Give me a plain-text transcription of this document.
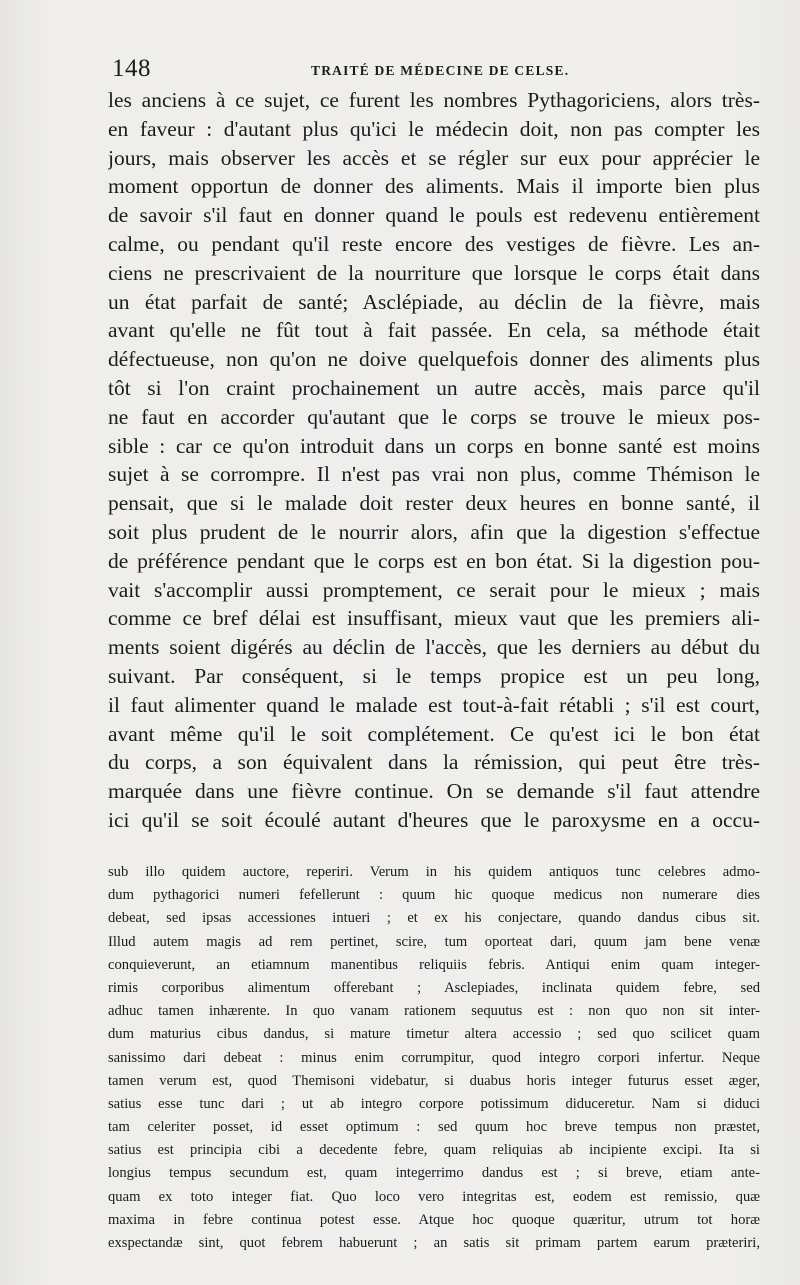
148	TRAITÉ DE MÉDECINE DE CELSE.
les anciens à ce sujet, ce furent les nombres Pythagoriciens, alors très-
en faveur : d'autant plus qu'ici le médecin doit, non pas compter les
jours, mais observer les accès et se régler sur eux pour apprécier le
moment opportun de donner des aliments. Mais il importe bien plus
de savoir s'il faut en donner quand le pouls est redevenu entièrement
calme, ou pendant qu'il reste encore des vestiges de fièvre. Les an-
ciens ne prescrivaient de la nourriture que lorsque le corps était dans
un état parfait de santé; Asclépiade, au déclin de la fièvre, mais
avant qu'elle ne fût tout à fait passée. En cela, sa méthode était
défectueuse, non qu'on ne doive quelquefois donner des aliments plus
tôt si l'on craint prochainement un autre accès, mais parce qu'il
ne faut en accorder qu'autant que le corps se trouve le mieux pos-
sible : car ce qu'on introduit dans un corps en bonne santé est moins
sujet à se corrompre. Il n'est pas vrai non plus, comme Thémison le
pensait, que si le malade doit rester deux heures en bonne santé, il
soit plus prudent de le nourrir alors, afin que la digestion s'effectue
de préférence pendant que le corps est en bon état. Si la digestion pou-
vait s'accomplir aussi promptement, ce serait pour le mieux ; mais
comme ce bref délai est insuffisant, mieux vaut que les premiers ali-
ments soient digérés au déclin de l'accès, que les derniers au début du
suivant. Par conséquent, si le temps propice est un peu long,
il faut alimenter quand le malade est tout-à-fait rétabli ; s'il est court,
avant même qu'il le soit complétement. Ce qu'est ici le bon état
du corps, a son équivalent dans la rémission, qui peut être très-
marquée dans une fièvre continue. On se demande s'il faut attendre
ici qu'il se soit écoulé autant d'heures que le paroxysme en a occu-
sub illo quidem auctore, reperiri. Verum in his quidem antiquos tunc celebres admo-
dum pythagorici numeri fefellerunt : quum hic quoque medicus non numerare dies
debeat, sed ipsas accessiones intueri ; et ex his conjectare, quando dandus cibus sit.
Illud autem magis ad rem pertinet, scire, tum oporteat dari, quum jam bene venæ
conquieverunt, an etiamnum manentibus reliquiis febris. Antiqui enim quam integer-
rimis corporibus alimentum offerebant ; Asclepiades, inclinata quidem febre, sed
adhuc tamen inhærente. In quo vanam rationem sequutus est : non quo non sit inter-
dum maturius cibus dandus, si mature timetur altera accessio ; sed quo scilicet quam
sanissimo dari debeat : minus enim corrumpitur, quod integro corpori infertur. Neque
tamen verum est, quod Themisoni videbatur, si duabus horis integer futurus esset æger,
satius esse tunc dari ; ut ab integro corpore potissimum diduceretur. Nam si diduci
tam celeriter posset, id esset optimum : sed quum hoc breve tempus non præstet,
satius est principia cibi a decedente febre, quam reliquias ab incipiente excipi. Ita si
longius tempus secundum est, quam integerrimo dandus est ; si breve, etiam ante-
quam ex toto integer fiat. Quo loco vero integritas est, eodem est remissio, quæ
maxima in febre continua potest esse. Atque hoc quoque quæritur, utrum tot horæ
exspectandæ sint, quot febrem habuerunt ; an satis sit primam partem earum præteriri,
